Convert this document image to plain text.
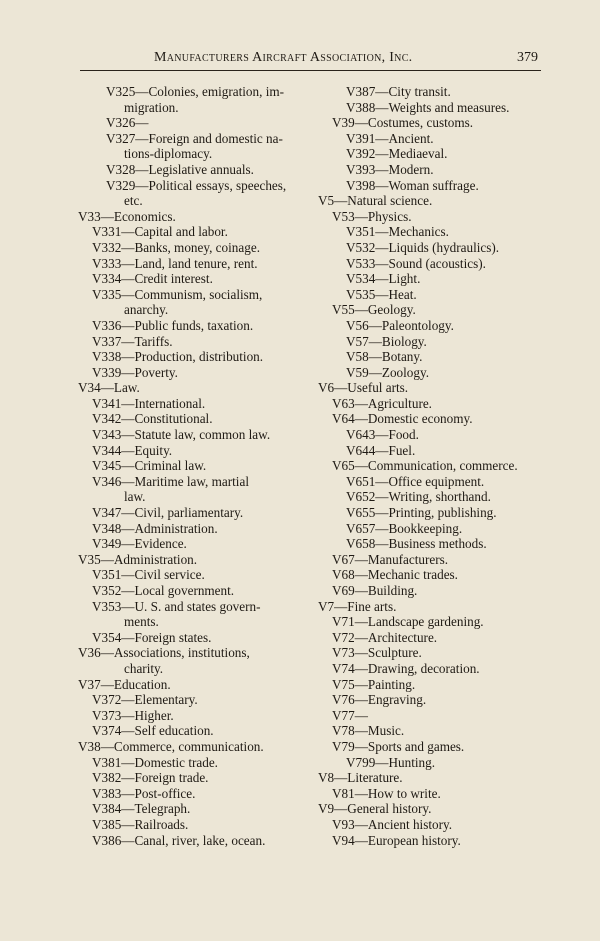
Manufacturers Aircraft Association, Inc.	379
V325—Colonies, emigration, im-
migration.
V326—
V327—Foreign and domestic na-
tions-diplomacy.
V328—Legislative annuals.
V329—Political essays, speeches,
etc.
V33—Economics.
V331—Capital and labor.
V332—Banks, money, coinage.
V333—Land, land tenure, rent.
V334—Credit interest.
V335—Communism, socialism,
anarchy.
V336—Public funds, taxation.
V337—Tariffs.
V338—Production, distribution.
V339—Poverty.
V34—Law.
V341—International.
V342—Constitutional.
V343—Statute law, common law.
V344—Equity.
V345—Criminal law.
V346—Maritime law, martial
law.
V347—Civil, parliamentary.
V348—Administration.
V349—Evidence.
V35—Administration.
V351—Civil service.
V352—Local government.
V353—U. S. and states govern-
ments.
V354—Foreign states.
V36—Associations, institutions,
charity.
V37—Education.
V372—Elementary.
V373—Higher.
V374—Self education.
V38—Commerce, communication.
V381—Domestic trade.
V382—Foreign trade.
V383—Post-office.
V384—Telegraph.
V385—Railroads.
V386—Canal, river, lake, ocean.
V387—City transit.
V388—Weights and measures.
V39—Costumes, customs.
V391—Ancient.
V392—Mediaeval.
V393—Modern.
V398—Woman suffrage.
V5—Natural science.
V53—Physics.
V351—Mechanics.
V532—Liquids (hydraulics).
V533—Sound (acoustics).
V534—Light.
V535—Heat.
V55—Geology.
V56—Paleontology.
V57—Biology.
V58—Botany.
V59—Zoology.
V6—Useful arts.
V63—Agriculture.
V64—Domestic economy.
V643—Food.
V644—Fuel.
V65—Communication, commerce.
V651—Office equipment.
V652—Writing, shorthand.
V655—Printing, publishing.
V657—Bookkeeping.
V658—Business methods.
V67—Manufacturers.
V68—Mechanic trades.
V69—Building.
V7—Fine arts.
V71—Landscape gardening.
V72—Architecture.
V73—Sculpture.
V74—Drawing, decoration.
V75—Painting.
V76—Engraving.
V77—
V78—Music.
V79—Sports and games.
V799—Hunting.
V8—Literature.
V81—How to write.
V9—General history.
V93—Ancient history.
V94—European history.
